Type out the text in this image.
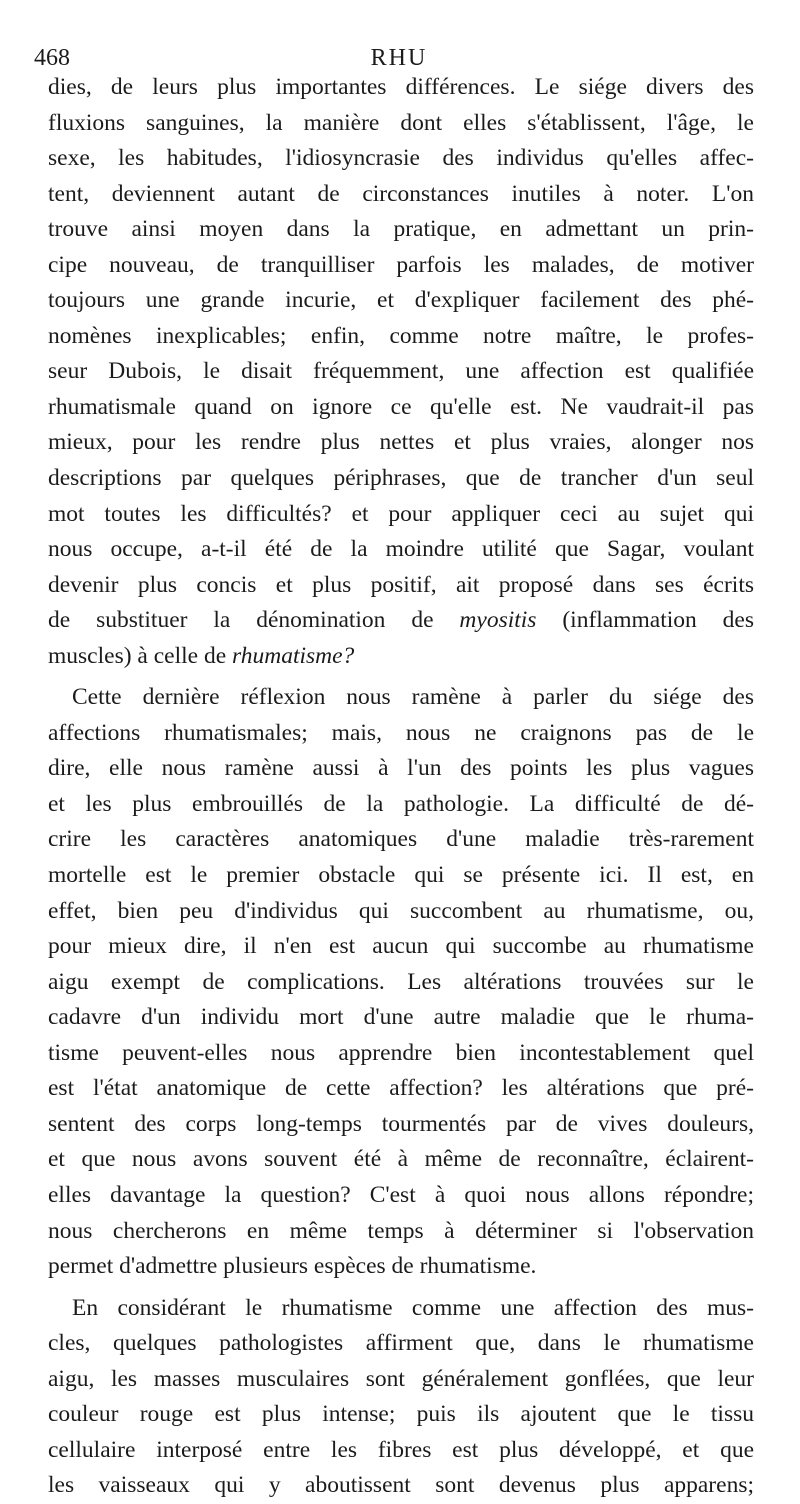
468	RHU
dies, de leurs plus importantes différences. Le siége divers des
fluxions sanguines, la manière dont elles s'établissent, l'âge, le
sexe, les habitudes, l'idiosyncrasie des individus qu'elles affec-
tent, deviennent autant de circonstances inutiles à noter. L'on
trouve ainsi moyen dans la pratique, en admettant un prin-
cipe nouveau, de tranquilliser parfois les malades, de motiver
toujours une grande incurie, et d'expliquer facilement des phé-
nomènes inexplicables; enfin, comme notre maître, le profes-
seur Dubois, le disait fréquemment, une affection est qualifiée
rhumatismale quand on ignore ce qu'elle est. Ne vaudrait-il pas
mieux, pour les rendre plus nettes et plus vraies, alonger nos
descriptions par quelques périphrases, que de trancher d'un seul
mot toutes les difficultés? et pour appliquer ceci au sujet qui
nous occupe, a-t-il été de la moindre utilité que Sagar, voulant
devenir plus concis et plus positif, ait proposé dans ses écrits
de substituer la dénomination de myositis (inflammation des
muscles) à celle de rhumatisme?
Cette dernière réflexion nous ramène à parler du siége des
affections rhumatismales; mais, nous ne craignons pas de le
dire, elle nous ramène aussi à l'un des points les plus vagues
et les plus embrouillés de la pathologie. La difficulté de dé-
crire les caractères anatomiques d'une maladie très-rarement
mortelle est le premier obstacle qui se présente ici. Il est, en
effet, bien peu d'individus qui succombent au rhumatisme, ou,
pour mieux dire, il n'en est aucun qui succombe au rhumatisme
aigu exempt de complications. Les altérations trouvées sur le
cadavre d'un individu mort d'une autre maladie que le rhuma-
tisme peuvent-elles nous apprendre bien incontestablement quel
est l'état anatomique de cette affection? les altérations que pré-
sentent des corps long-temps tourmentés par de vives douleurs,
et que nous avons souvent été à même de reconnaître, éclairent-
elles davantage la question? C'est à quoi nous allons répondre;
nous chercherons en même temps à déterminer si l'observation
permet d'admettre plusieurs espèces de rhumatisme.
En considérant le rhumatisme comme une affection des mus-
cles, quelques pathologistes affirment que, dans le rhumatisme
aigu, les masses musculaires sont généralement gonflées, que leur
couleur rouge est plus intense; puis ils ajoutent que le tissu
cellulaire interposé entre les fibres est plus développé, et que
les vaisseaux qui y aboutissent sont devenus plus apparens;
